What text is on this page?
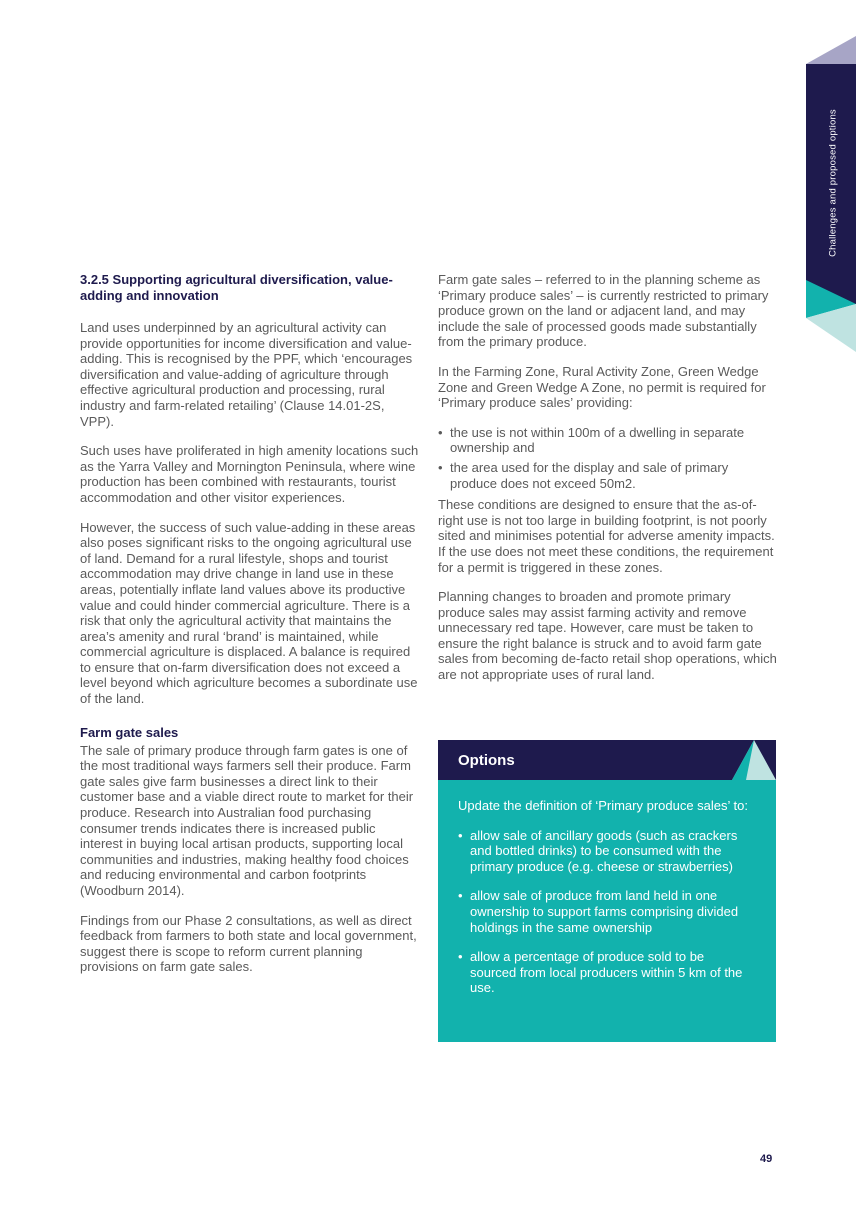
Challenges and proposed options
3.2.5 Supporting agricultural diversification, value-adding and innovation

Land uses underpinned by an agricultural activity can provide opportunities for income diversification and value-adding. This is recognised by the PPF, which ‘encourages diversification and value-adding of agriculture through effective agricultural production and processing, rural industry and farm-related retailing’ (Clause 14.01-2S, VPP).

Such uses have proliferated in high amenity locations such as the Yarra Valley and Mornington Peninsula, where wine production has been combined with restaurants, tourist accommodation and other visitor experiences.

However, the success of such value-adding in these areas also poses significant risks to the ongoing agricultural use of land. Demand for a rural lifestyle, shops and tourist accommodation may drive change in land use in these areas, potentially inflate land values above its productive value and could hinder commercial agriculture. There is a risk that only the agricultural activity that maintains the area’s amenity and rural ‘brand’ is maintained, while commercial agriculture is displaced. A balance is required to ensure that on-farm diversification does not exceed a level beyond which agriculture becomes a subordinate use of the land.

Farm gate sales

The sale of primary produce through farm gates is one of the most traditional ways farmers sell their produce. Farm gate sales give farm businesses a direct link to their customer base and a viable direct route to market for their produce. Research into Australian food purchasing consumer trends indicates there is increased public interest in buying local artisan products, supporting local communities and industries, making healthy food choices and reducing environmental and carbon footprints (Woodburn 2014).

Findings from our Phase 2 consultations, as well as direct feedback from farmers to both state and local government, suggest there is scope to reform current planning provisions on farm gate sales.

Farm gate sales – referred to in the planning scheme as ‘Primary produce sales’ – is currently restricted to primary produce grown on the land or adjacent land, and may include the sale of processed goods made substantially from the primary produce.

In the Farming Zone, Rural Activity Zone, Green Wedge Zone and Green Wedge A Zone, no permit is required for ‘Primary produce sales’ providing:

• the use is not within 100m of a dwelling in separate ownership and
• the area used for the display and sale of primary produce does not exceed 50m2.

These conditions are designed to ensure that the as-of-right use is not too large in building footprint, is not poorly sited and minimises potential for adverse amenity impacts. If the use does not meet these conditions, the requirement for a permit is triggered in these zones.

Planning changes to broaden and promote primary produce sales may assist farming activity and remove unnecessary red tape. However, care must be taken to ensure the right balance is struck and to avoid farm gate sales from becoming de-facto retail shop operations, which are not appropriate uses of rural land.

Options

Update the definition of ‘Primary produce sales’ to:

• allow sale of ancillary goods (such as crackers and bottled drinks) to be consumed with the primary produce (e.g. cheese or strawberries)
• allow sale of produce from land held in one ownership to support farms comprising divided holdings in the same ownership
• allow a percentage of produce sold to be sourced from local producers within 5 km of the use.
49
